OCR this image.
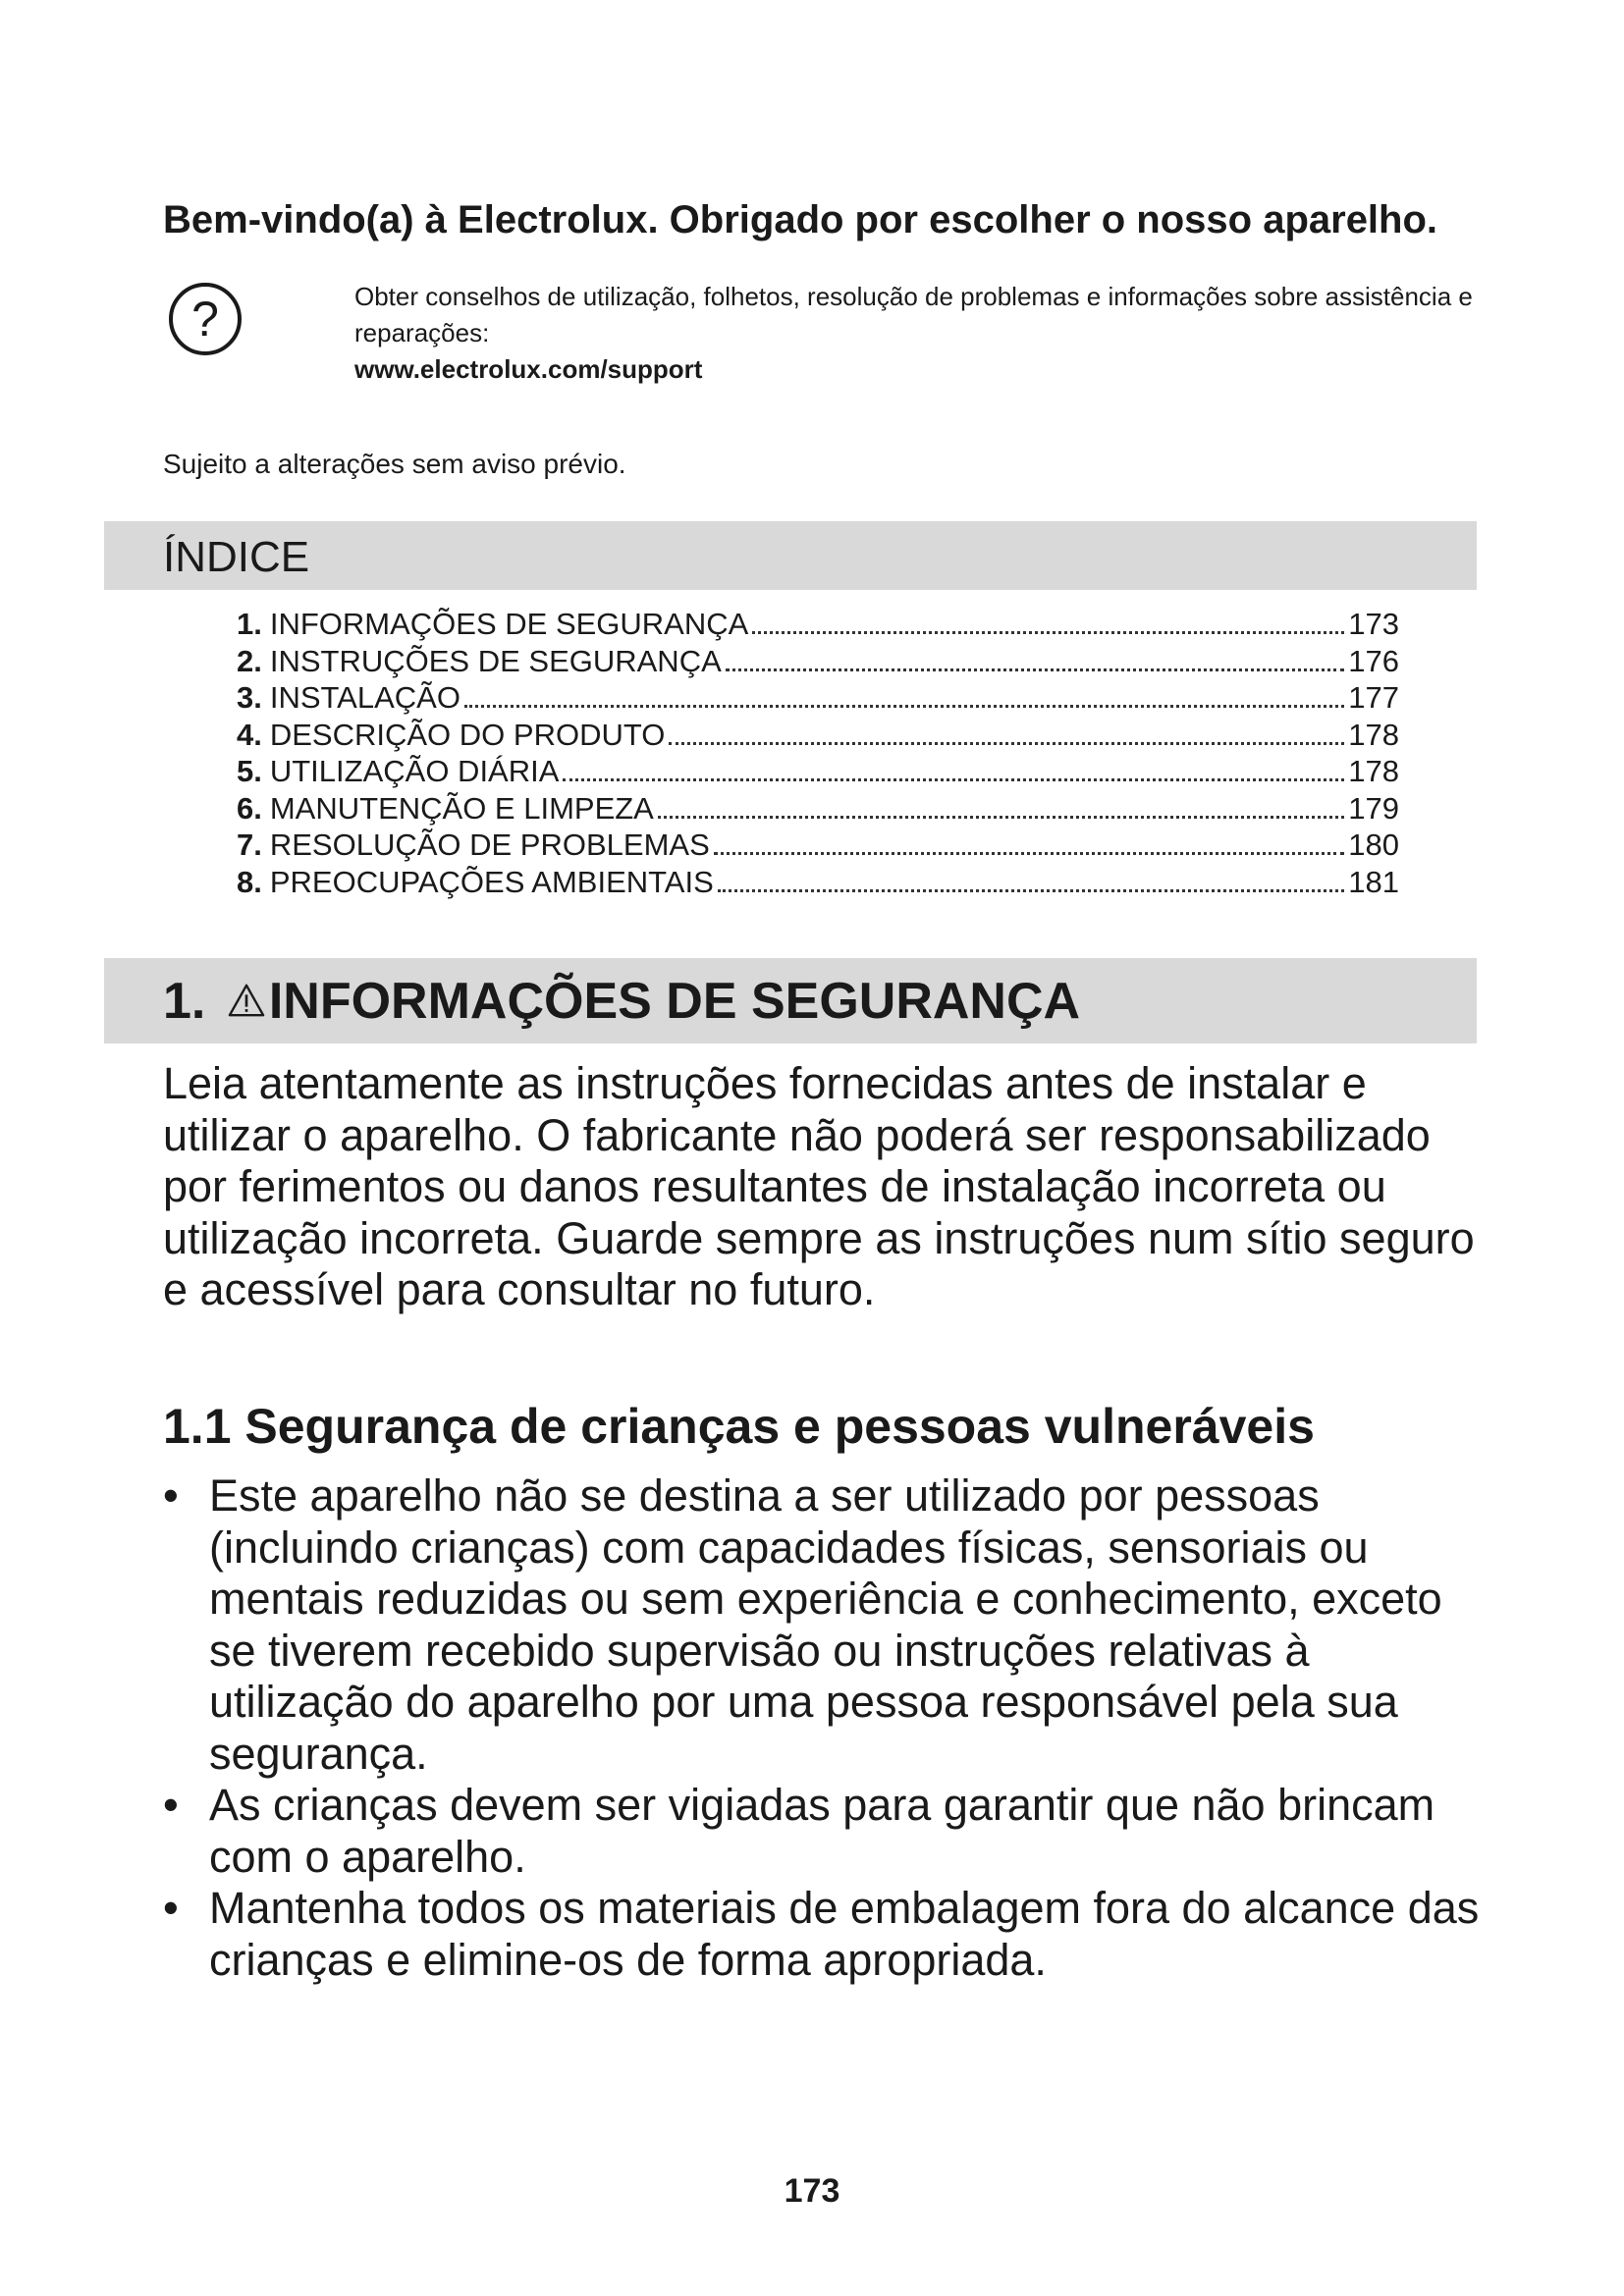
Bem-vindo(a) à Electrolux. Obrigado por escolher o nosso aparelho.
?	Obter conselhos de utilização, folhetos, resolução de problemas e informações sobre assistência e reparações:
www.electrolux.com/support
Sujeito a alterações sem aviso prévio.
ÍNDICE
1. INFORMAÇÕES DE SEGURANÇA	173
2. INSTRUÇÕES DE SEGURANÇA	176
3. INSTALAÇÃO	177
4. DESCRIÇÃO DO PRODUTO	178
5. UTILIZAÇÃO DIÁRIA	178
6. MANUTENÇÃO E LIMPEZA	179
7. RESOLUÇÃO DE PROBLEMAS	180
8. PREOCUPAÇÕES AMBIENTAIS	181
1. INFORMAÇÕES DE SEGURANÇA

Leia atentamente as instruções fornecidas antes de instalar e utilizar o aparelho. O fabricante não poderá ser responsabilizado por ferimentos ou danos resultantes de instalação incorreta ou utilização incorreta. Guarde sempre as instruções num sítio seguro e acessível para consultar no futuro.

1.1 Segurança de crianças e pessoas vulneráveis
• Este aparelho não se destina a ser utilizado por pessoas (incluindo crianças) com capacidades físicas, sensoriais ou mentais reduzidas ou sem experiência e conhecimento, exceto se tiverem recebido supervisão ou instruções relativas à utilização do aparelho por uma pessoa responsável pela sua segurança.
• As crianças devem ser vigiadas para garantir que não brincam com o aparelho.
• Mantenha todos os materiais de embalagem fora do alcance das crianças e elimine-os de forma apropriada.
173
